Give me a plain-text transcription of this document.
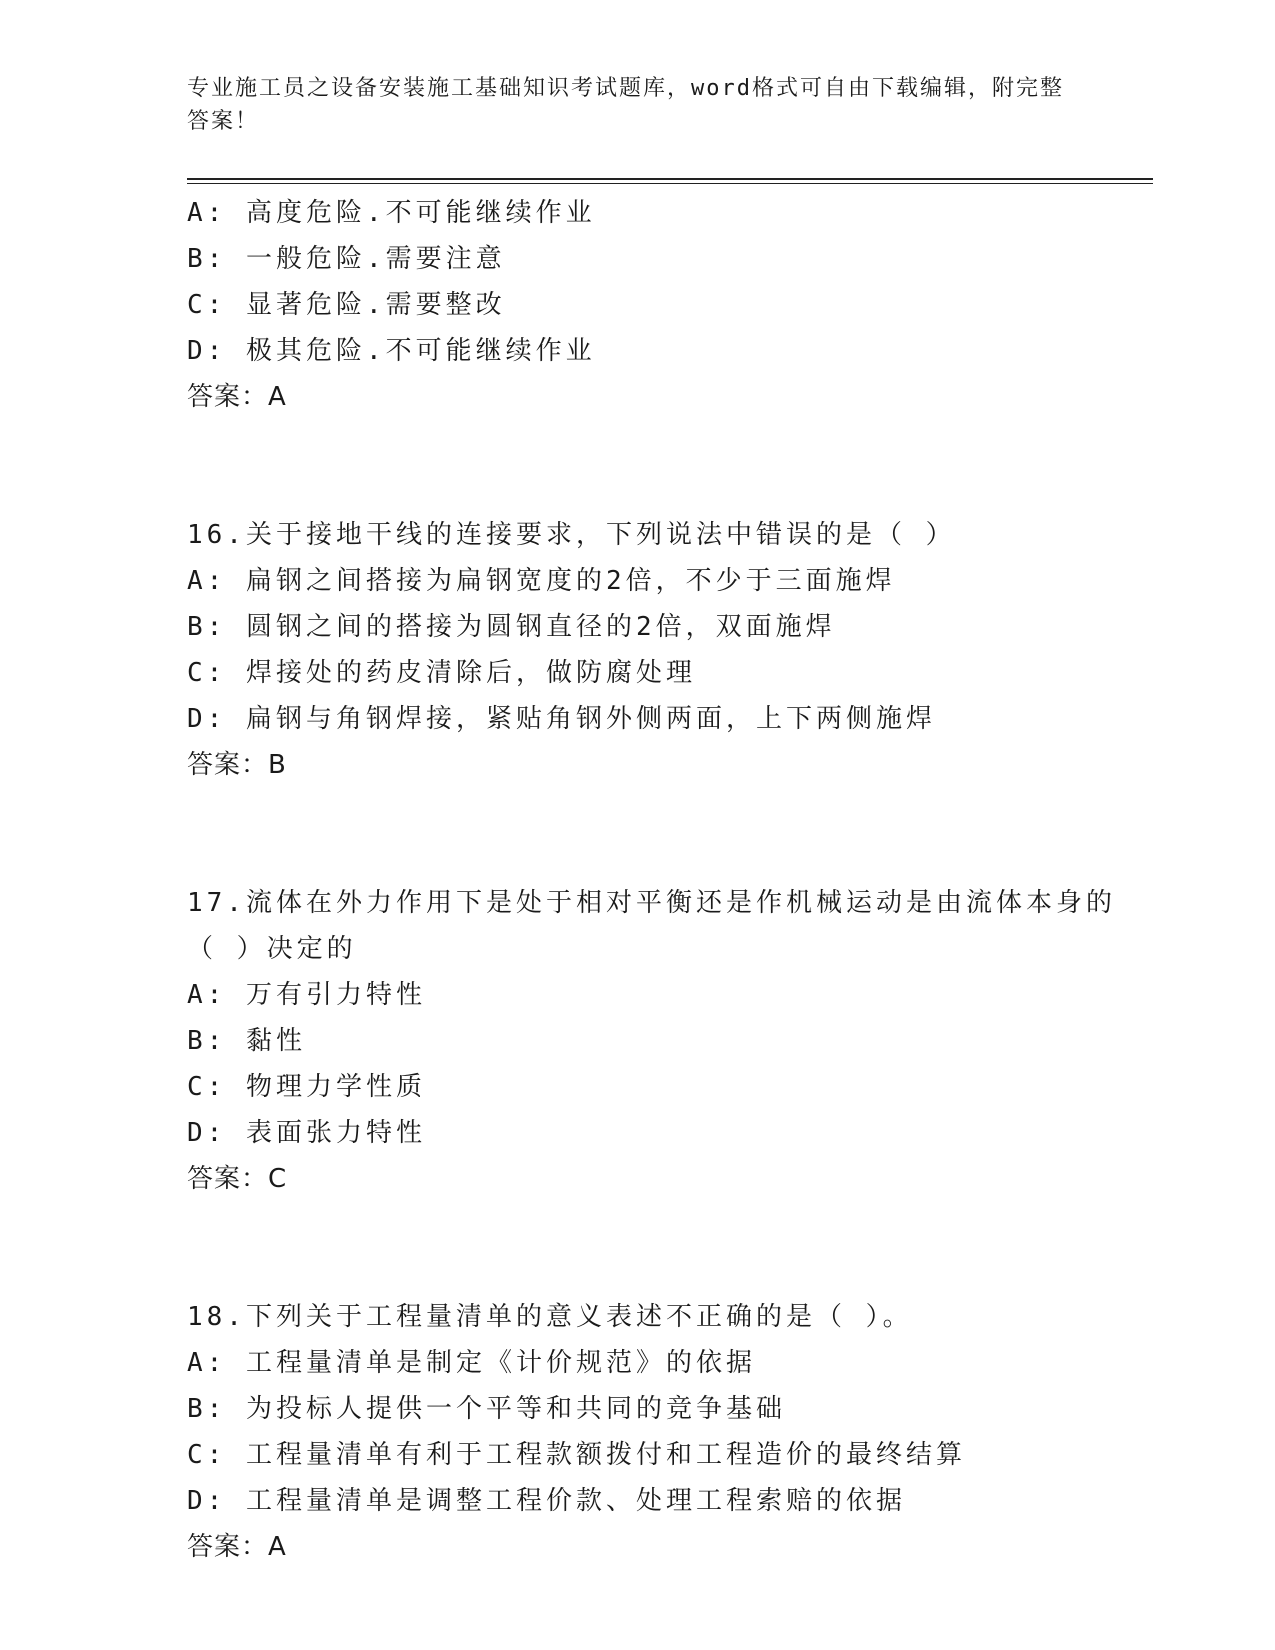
专业施工员之设备安装施工基础知识考试题库，word格式可自由下载编辑，附完整答案！
A: 高度危险.不可能继续作业
B: 一般危险.需要注意
C: 显著危险.需要整改
D: 极其危险.不可能继续作业
答案：A
16.关于接地干线的连接要求，下列说法中错误的是（ ）
A: 扁钢之间搭接为扁钢宽度的2倍，不少于三面施焊
B: 圆钢之间的搭接为圆钢直径的2倍，双面施焊
C: 焊接处的药皮清除后，做防腐处理
D: 扁钢与角钢焊接，紧贴角钢外侧两面，上下两侧施焊
答案：B
17.流体在外力作用下是处于相对平衡还是作机械运动是由流体本身的
（ ）决定的
A: 万有引力特性
B: 黏性
C: 物理力学性质
D: 表面张力特性
答案：C
18.下列关于工程量清单的意义表述不正确的是（ ）。
A: 工程量清单是制定《计价规范》的依据
B: 为投标人提供一个平等和共同的竞争基础
C: 工程量清单有利于工程款额拨付和工程造价的最终结算
D: 工程量清单是调整工程价款、处理工程索赔的依据
答案：A
